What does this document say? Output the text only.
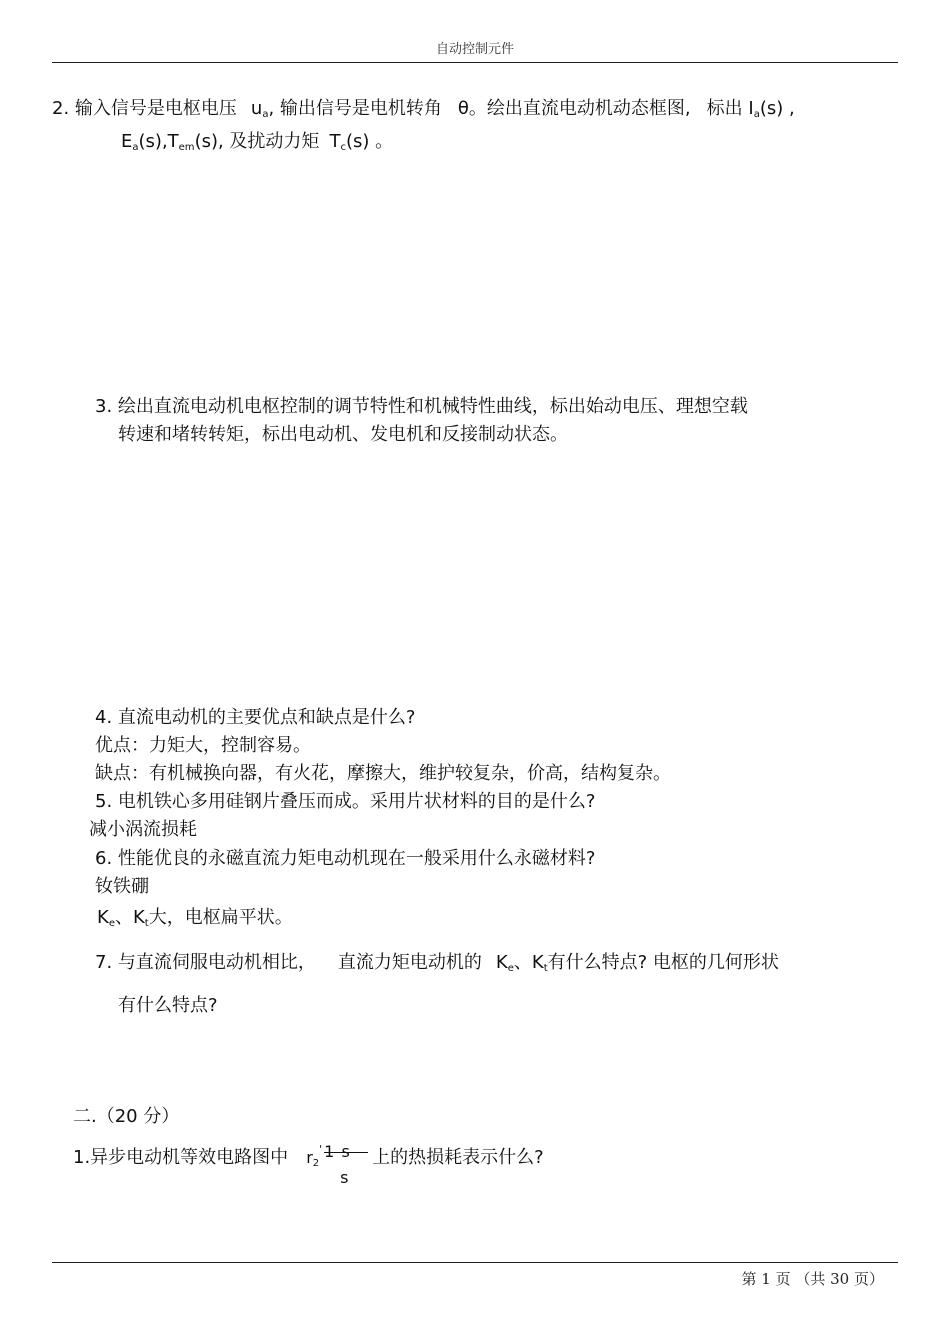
自动控制元件
2. 输入信号是电枢电压 $u_a$, 输出信号是电机转角 θ。绘出直流电动机动态框图, 标出 $I_a(s)$ ,
$E_a(s),T_{em}(s)$, 及扰动力矩 $T_c(s)$ 。
3. 绘出直流电动机电枢控制的调节特性和机械特性曲线，标出始动电压、理想空载
转速和堵转转矩，标出电动机、发电机和反接制动状态。
4. 直流电动机的主要优点和缺点是什么?
优点：力矩大，控制容易。
缺点：有机械换向器，有火花，摩擦大，维护较复杂，价高，结构复杂。
5. 电机铁心多用硅钢片叠压而成。采用片状材料的目的是什么?
减小涡流损耗
6. 性能优良的永磁直流力矩电动机现在一般采用什么永磁材料?
钕铁硼
$K_e$、$K_t$大，电枢扁平状。
7. 与直流伺服电动机相比， 直流力矩电动机的 $K_e$、$K_t$有什么特点? 电枢的几何形状
有什么特点?
二.（20 分）
1.异步电动机等效电路图中 $r_2'$ 1 s
s
上的热损耗表示什么?
第 1 页 （共 30 页）
